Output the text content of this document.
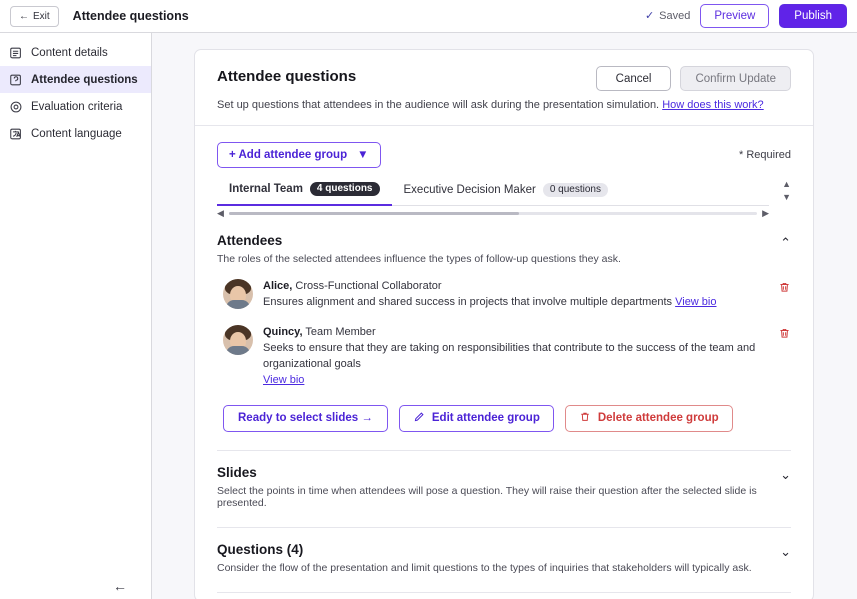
← Exit Attendee questions	✓ Saved	Preview	Publish
Content details
Attendee questions
Evaluation criteria
Content language
←
Attendee questions	Cancel	Confirm Update
Set up questions that attendees in the audience will ask during the presentation simulation. How does this work?
+ Add attendee group ▼	* Required
Internal Team	4 questions	Executive Decision Maker	0 questions	▲
▼
◀	▶
Attendees
The roles of the selected attendees influence the types of follow-up questions they ask.
⌃
Alice, Cross-Functional Collaborator
Ensures alignment and shared success in projects that involve multiple departments View bio
Quincy, Team Member
Seeks to ensure that they are taking on responsibilities that contribute to the success of the team and organizational goals
View bio
Ready to select slides →	Edit attendee group	Delete attendee group
Slides
Select the points in time when attendees will pose a question. They will raise their question after the selected slide is presented.
⌄
Questions (4)
Consider the flow of the presentation and limit questions to the types of inquiries that stakeholders will typically ask.
⌄
